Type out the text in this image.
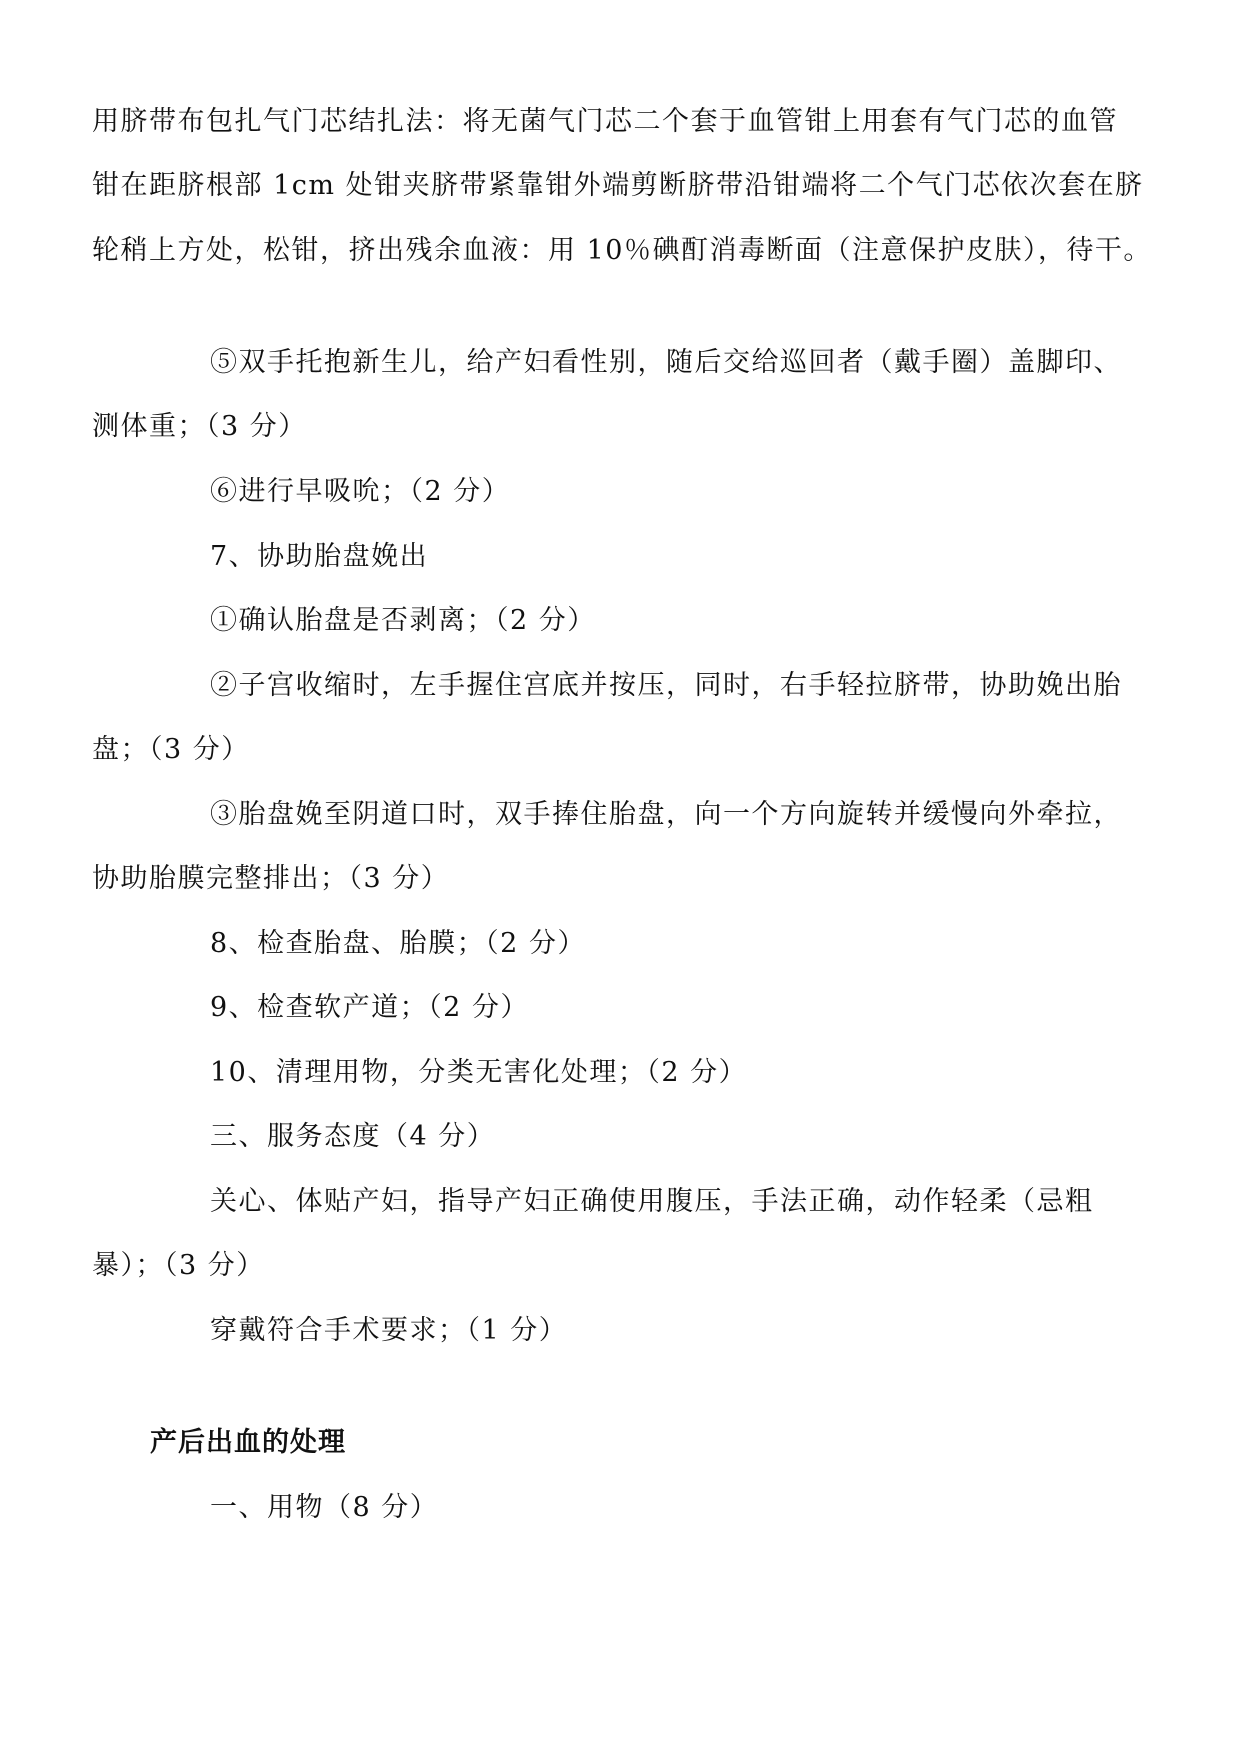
用脐带布包扎气门芯结扎法：将无菌气门芯二个套于血管钳上用套有气门芯的血管
钳在距脐根部 1cm 处钳夹脐带紧靠钳外端剪断脐带沿钳端将二个气门芯依次套在脐
轮稍上方处，松钳，挤出残余血液：用 10％碘酊消毒断面（注意保护皮肤），待干。
⑤双手托抱新生儿，给产妇看性别，随后交给巡回者（戴手圈）盖脚印、
测体重；（3 分）
⑥进行早吸吮；（2 分）
7、协助胎盘娩出
①确认胎盘是否剥离；（2 分）
②子宫收缩时，左手握住宫底并按压，同时，右手轻拉脐带，协助娩出胎
盘；（3 分）
③胎盘娩至阴道口时，双手捧住胎盘，向一个方向旋转并缓慢向外牵拉，
协助胎膜完整排出；（3 分）
8、检查胎盘、胎膜；（2 分）
9、检查软产道；（2 分）
10、清理用物，分类无害化处理；（2 分）
三、服务态度（4 分）
关心、体贴产妇，指导产妇正确使用腹压，手法正确，动作轻柔（忌粗
暴）；（3 分）
穿戴符合手术要求；（1 分）
产后出血的处理
一、用物（8 分）
